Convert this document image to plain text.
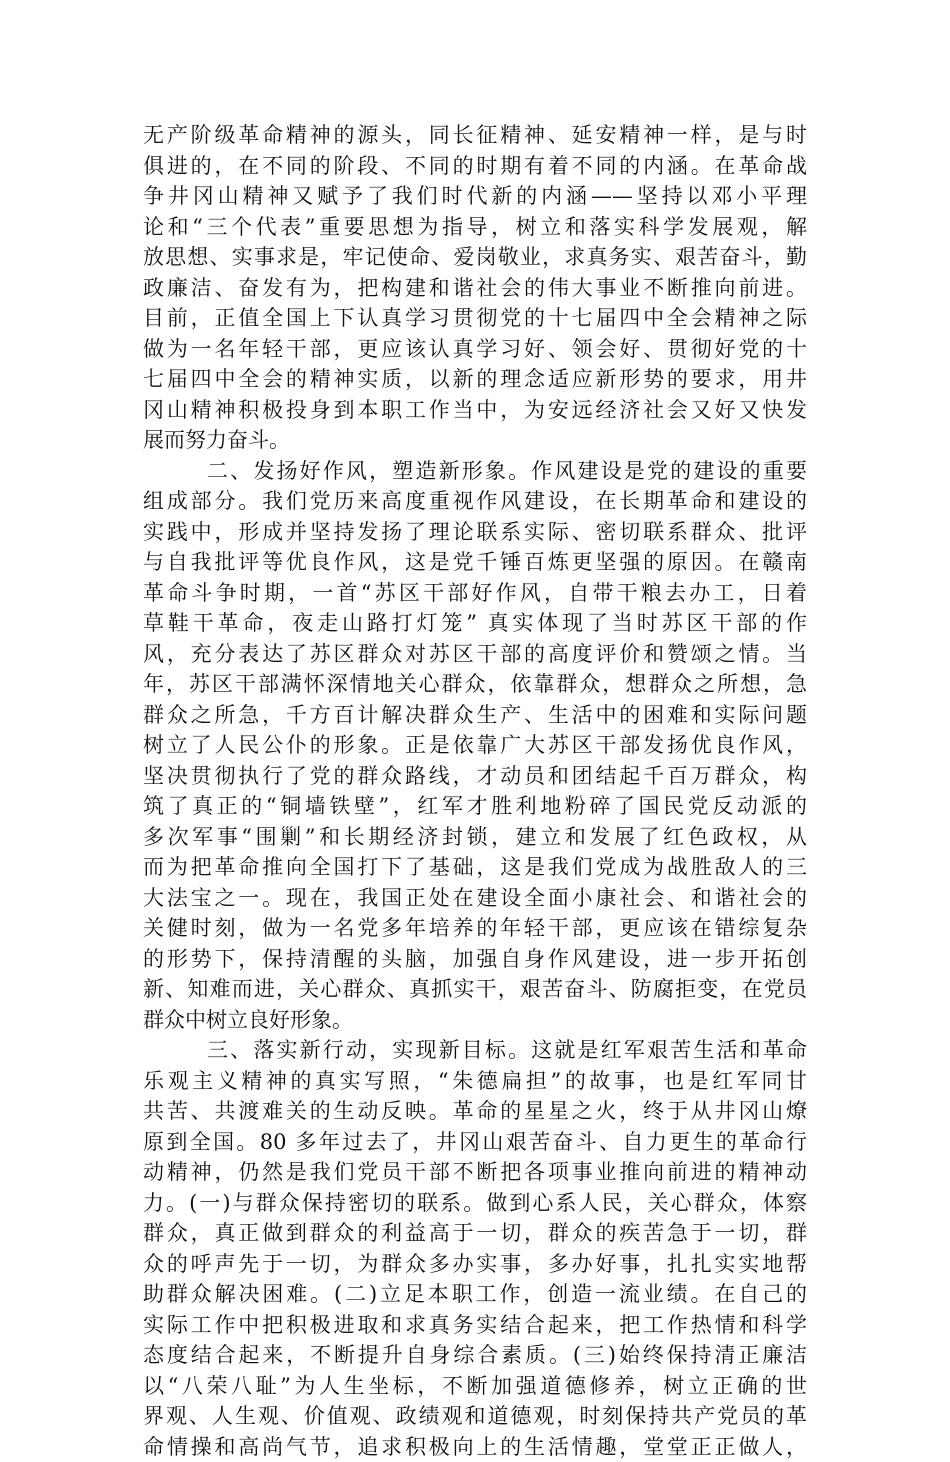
无产阶级革命精神的源头，同长征精神、延安精神一样，是与时
俱进的，在不同的阶段、不同的时期有着不同的内涵。在革命战
争井冈山精神又赋予了我们时代新的内涵——坚持以邓小平理
论和“三个代表”重要思想为指导，树立和落实科学发展观，解
放思想、实事求是，牢记使命、爱岗敬业，求真务实、艰苦奋斗，勤
政廉洁、奋发有为，把构建和谐社会的伟大事业不断推向前进。
目前，正值全国上下认真学习贯彻党的十七届四中全会精神之际
做为一名年轻干部，更应该认真学习好、领会好、贯彻好党的十
七届四中全会的精神实质，以新的理念适应新形势的要求，用井
冈山精神积极投身到本职工作当中，为安远经济社会又好又快发
展而努力奋斗。
二、发扬好作风，塑造新形象。作风建设是党的建设的重要
组成部分。我们党历来高度重视作风建设，在长期革命和建设的
实践中，形成并坚持发扬了理论联系实际、密切联系群众、批评
与自我批评等优良作风，这是党千锤百炼更坚强的原因。在赣南
革命斗争时期，一首“苏区干部好作风，自带干粮去办工，日着
草鞋干革命，夜走山路打灯笼” 真实体现了当时苏区干部的作
风，充分表达了苏区群众对苏区干部的高度评价和赞颂之情。当
年，苏区干部满怀深情地关心群众，依靠群众，想群众之所想，急
群众之所急，千方百计解决群众生产、生活中的困难和实际问题
树立了人民公仆的形象。正是依靠广大苏区干部发扬优良作风，
坚决贯彻执行了党的群众路线，才动员和团结起千百万群众，构
筑了真正的“铜墙铁壁”，红军才胜利地粉碎了国民党反动派的
多次军事“围剿”和长期经济封锁，建立和发展了红色政权，从
而为把革命推向全国打下了基础，这是我们党成为战胜敌人的三
大法宝之一。现在，我国正处在建设全面小康社会、和谐社会的
关健时刻，做为一名党多年培养的年轻干部，更应该在错综复杂
的形势下，保持清醒的头脑，加强自身作风建设，进一步开拓创
新、知难而进，关心群众、真抓实干，艰苦奋斗、防腐拒变，在党员
群众中树立良好形象。
三、落实新行动，实现新目标。这就是红军艰苦生活和革命
乐观主义精神的真实写照，“朱德扁担”的故事，也是红军同甘
共苦、共渡难关的生动反映。革命的星星之火，终于从井冈山燎
原到全国。80 多年过去了，井冈山艰苦奋斗、自力更生的革命行
动精神，仍然是我们党员干部不断把各项事业推向前进的精神动
力。(一)与群众保持密切的联系。做到心系人民，关心群众，体察
群众，真正做到群众的利益高于一切，群众的疾苦急于一切，群
众的呼声先于一切，为群众多办实事，多办好事，扎扎实实地帮
助群众解决困难。(二)立足本职工作，创造一流业绩。在自己的
实际工作中把积极进取和求真务实结合起来，把工作热情和科学
态度结合起来，不断提升自身综合素质。(三)始终保持清正廉洁
以“八荣八耻”为人生坐标，不断加强道德修养，树立正确的世
界观、人生观、价值观、政绩观和道德观，时刻保持共产党员的革
命情操和高尚气节，追求积极向上的生活情趣，堂堂正正做人，
